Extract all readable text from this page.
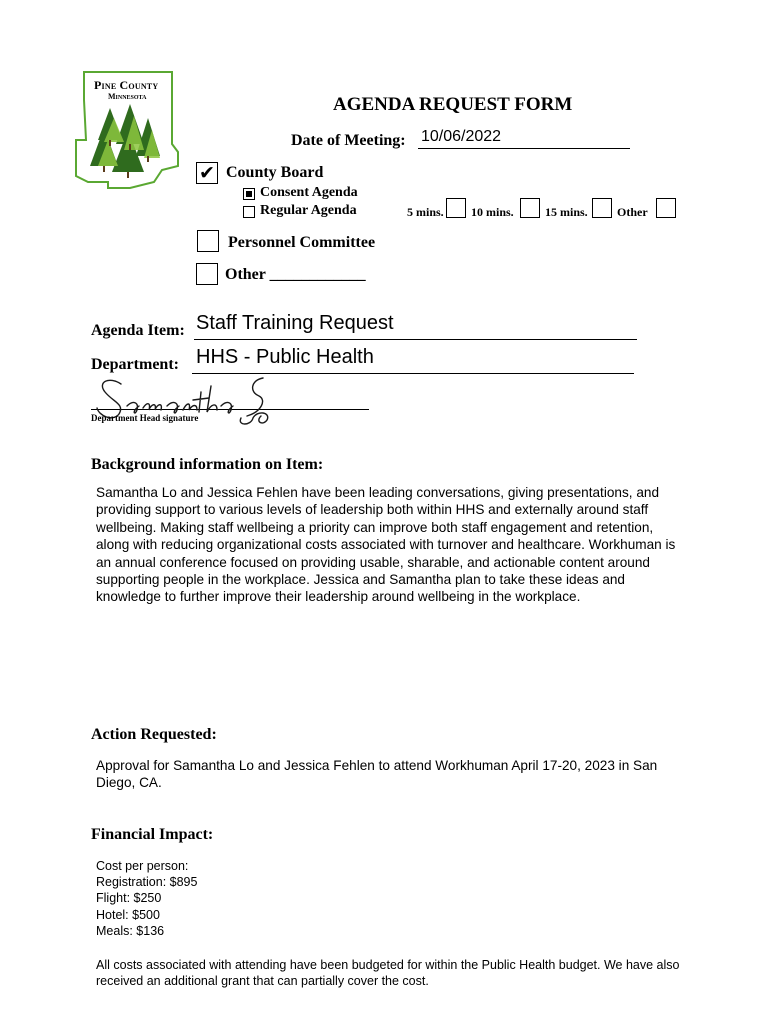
Pine County
Minnesota	AGENDA REQUEST FORM
Date of Meeting: 10/06/2022
✔ County Board
Consent Agenda
Regular Agenda	5 mins. 10 mins.	15 mins. Other
Personnel Committee
Other ____________
Agenda Item: Staff Training Request
Department: HHS - Public Health
Department Head signature
Background information on Item:
Samantha Lo and Jessica Fehlen have been leading conversations, giving presentations, and
providing support to various levels of leadership both within HHS and externally around staff
wellbeing. Making staff wellbeing a priority can improve both staff engagement and retention,
along with reducing organizational costs associated with turnover and healthcare. Workhuman is
an annual conference focused on providing usable, sharable, and actionable content around
supporting people in the workplace. Jessica and Samantha plan to take these ideas and
knowledge to further improve their leadership around wellbeing in the workplace.
Action Requested:
Approval for Samantha Lo and Jessica Fehlen to attend Workhuman April 17-20, 2023 in San
Diego, CA.
Financial Impact:
Cost per person:
Registration: $895
Flight: $250
Hotel: $500
Meals: $136
All costs associated with attending have been budgeted for within the Public Health budget. We have also
received an additional grant that can partially cover the cost.
